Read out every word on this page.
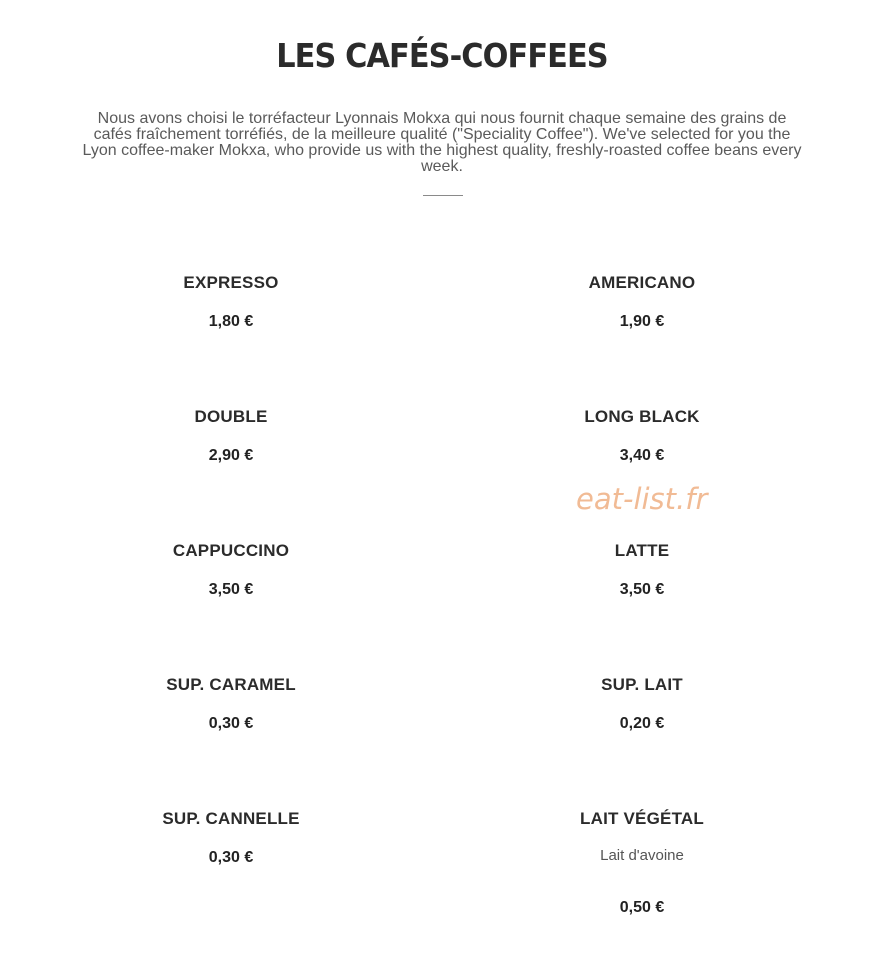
LES CAFÉS-COFFEES
Nous avons choisi le torréfacteur Lyonnais Mokxa qui nous fournit chaque semaine des grains de cafés fraîchement torréfiés, de la meilleure qualité ("Speciality Coffee"). We've selected for you the Lyon coffee-maker Mokxa, who provide us with the highest quality, freshly-roasted coffee beans every week.
EXPRESSO
1,80 €
DOUBLE
2,90 €
CAPPUCCINO
3,50 €
SUP. CARAMEL
0,30 €
SUP. CANNELLE
0,30 €
AMERICANO
1,90 €
LONG BLACK
3,40 €
LATTE
3,50 €
SUP. LAIT
0,20 €
LAIT VÉGÉTAL
Lait d'avoine
0,50 €
eat-list.fr
